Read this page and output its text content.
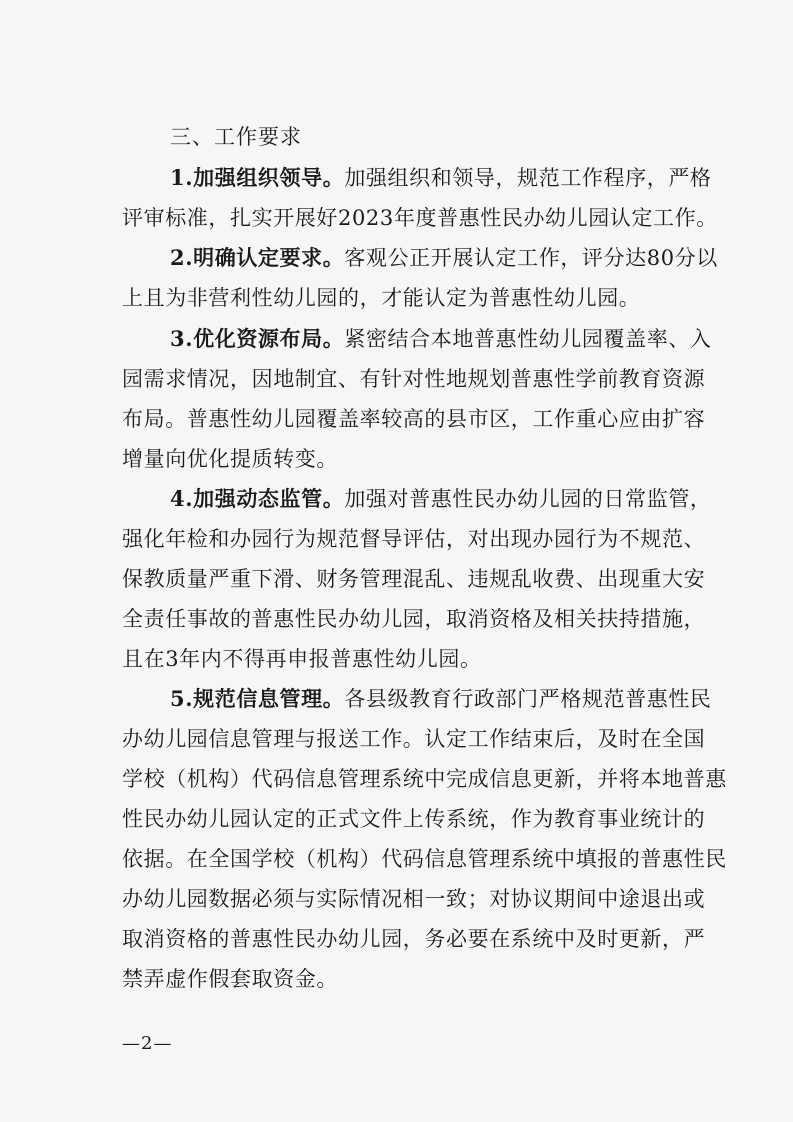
三、工作要求
1.加强组织领导。加强组织和领导，规范工作程序，严格
评审标准，扎实开展好2023年度普惠性民办幼儿园认定工作。
2.明确认定要求。客观公正开展认定工作，评分达80分以
上且为非营利性幼儿园的，才能认定为普惠性幼儿园。
3.优化资源布局。紧密结合本地普惠性幼儿园覆盖率、入
园需求情况，因地制宜、有针对性地规划普惠性学前教育资源
布局。普惠性幼儿园覆盖率较高的县市区，工作重心应由扩容
增量向优化提质转变。
4.加强动态监管。加强对普惠性民办幼儿园的日常监管，
强化年检和办园行为规范督导评估，对出现办园行为不规范、
保教质量严重下滑、财务管理混乱、违规乱收费、出现重大安
全责任事故的普惠性民办幼儿园，取消资格及相关扶持措施，
且在3年内不得再申报普惠性幼儿园。
5.规范信息管理。各县级教育行政部门严格规范普惠性民
办幼儿园信息管理与报送工作。认定工作结束后，及时在全国
学校（机构）代码信息管理系统中完成信息更新，并将本地普惠
性民办幼儿园认定的正式文件上传系统，作为教育事业统计的
依据。在全国学校（机构）代码信息管理系统中填报的普惠性民
办幼儿园数据必须与实际情况相一致；对协议期间中途退出或
取消资格的普惠性民办幼儿园，务必要在系统中及时更新，严
禁弄虚作假套取资金。
—2—
